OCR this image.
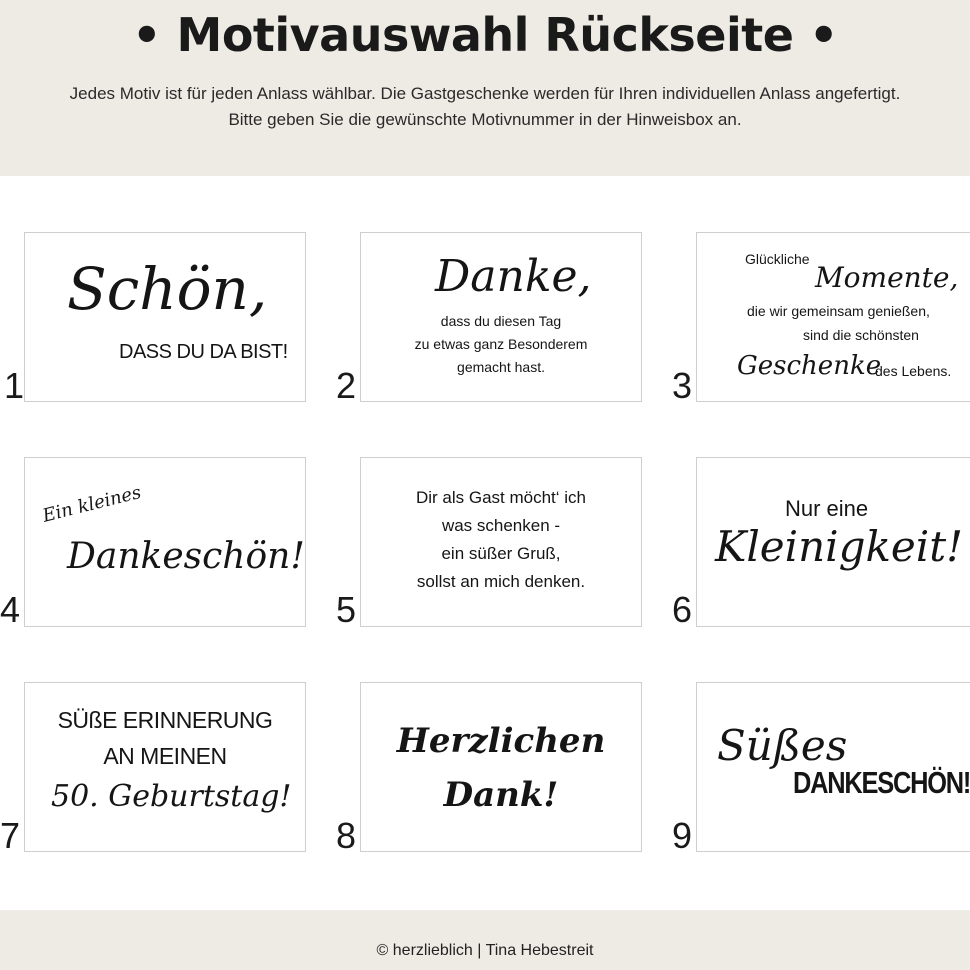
• Motivauswahl Rückseite •
Jedes Motiv ist für jeden Anlass wählbar. Die Gastgeschenke werden für Ihren individuellen Anlass angefertigt.
Bitte geben Sie die gewünschte Motivnummer in der Hinweisbox an.
1
Schön,
DASS DU DA BIST!
2
Danke,
dass du diesen Tag
zu etwas ganz Besonderem
gemacht hast.	3
Glückliche
Momente,
die wir gemeinsam genießen,
sind die schönsten
Geschenke
des Lebens.
4
Ein kleines
Dankeschön!
5
Dir als Gast möcht‘ ich
was schenken -
ein süßer Gruß,
sollst an mich denken.
6
Nur eine
Kleinigkeit!
7
SÜßE ERINNERUNG
AN MEINEN
50. Geburtstag!
8
Herzlichen
Dank!
9
Süßes
DANKESCHÖN!
© herzlieblich | Tina Hebestreit
